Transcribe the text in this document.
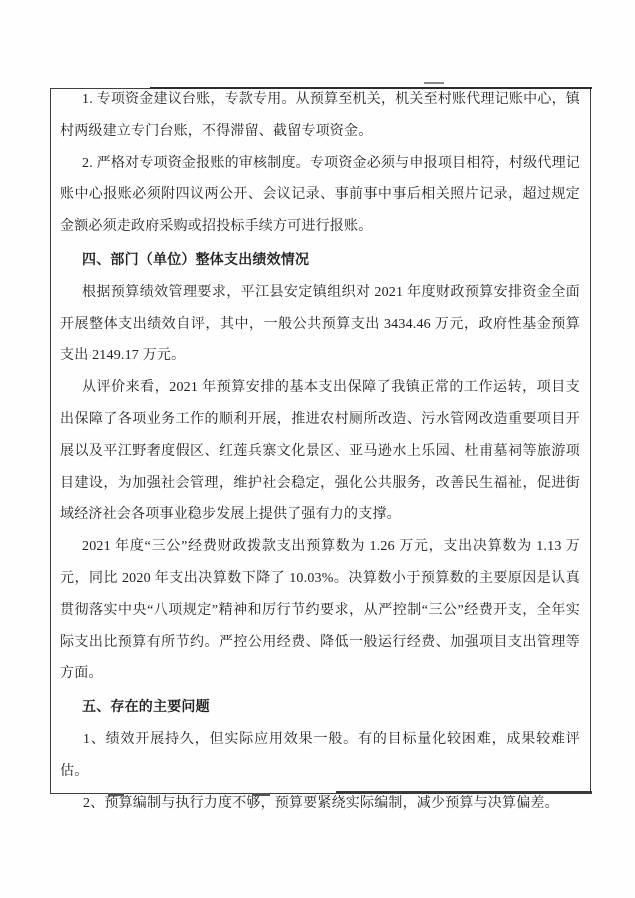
1. 专项资金建议台账，专款专用。从预算至机关，机关至村账代理记账中心，镇村两级建立专门台账，不得滞留、截留专项资金。

2. 严格对专项资金报账的审核制度。专项资金必须与申报项目相符，村级代理记账中心报账必须附四议两公开、会议记录、事前事中事后相关照片记录，超过规定金额必须走政府采购或招投标手续方可进行报账。

四、部门（单位）整体支出绩效情况

根据预算绩效管理要求，平江县安定镇组织对 2021 年度财政预算安排资金全面开展整体支出绩效自评，其中，一般公共预算支出 3434.46 万元，政府性基金预算支出 2149.17 万元。

从评价来看，2021 年预算安排的基本支出保障了我镇正常的工作运转，项目支出保障了各项业务工作的顺利开展，推进农村厕所改造、污水管网改造重要项目开展以及平江野奢度假区、红莲兵寨文化景区、亚马逊水上乐园、杜甫墓祠等旅游项目建设，为加强社会管理，维护社会稳定，强化公共服务，改善民生福祉，促进街域经济社会各项事业稳步发展上提供了强有力的支撑。

2021 年度“三公”经费财政拨款支出预算数为 1.26 万元，支出决算数为 1.13 万元，同比 2020 年支出决算数下降了 10.03%。决算数小于预算数的主要原因是认真贯彻落实中央“八项规定”精神和厉行节约要求，从严控制“三公”经费开支，全年实际支出比预算有所节约。严控公用经费、降低一般运行经费、加强项目支出管理等方面。

五、存在的主要问题

1、绩效开展持久，但实际应用效果一般。有的目标量化较困难，成果较难评估。

2、预算编制与执行力度不够，预算要紧绕实际编制，减少预算与决算偏差。
